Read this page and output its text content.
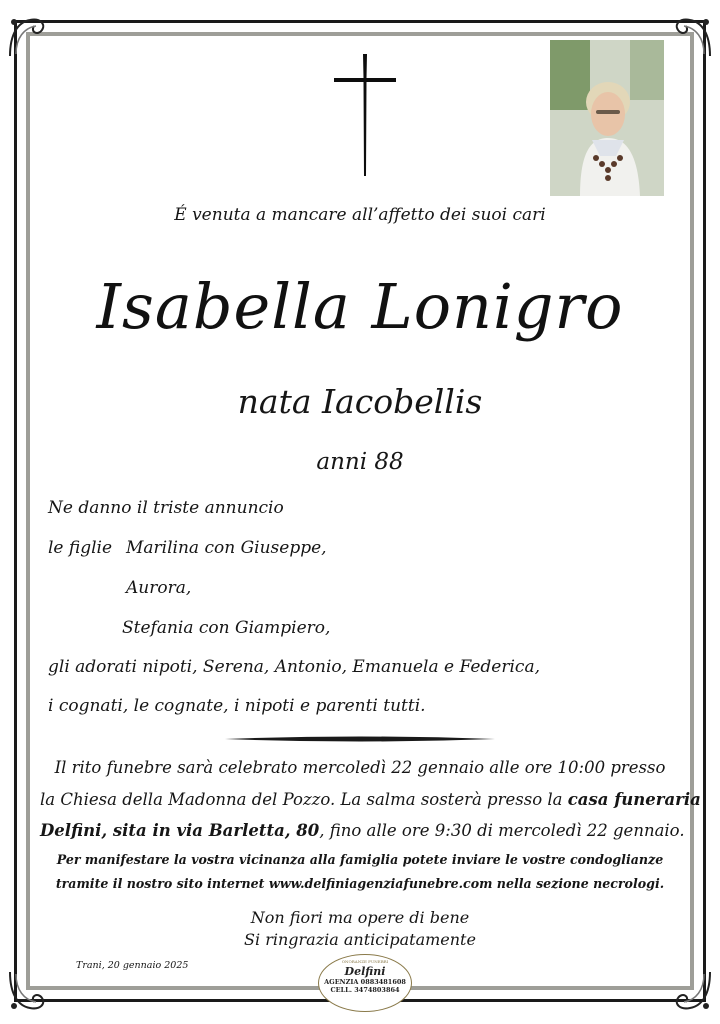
É venuta a mancare all’affetto dei suoi cari
Isabella Lonigro
nata Iacobellis
anni 88
Ne danno il triste annuncio
le figlie Marilina con Giuseppe,
Aurora,
Stefania con Giampiero,
gli adorati nipoti, Serena, Antonio, Emanuela e Federica,
i cognati, le cognate, i nipoti e parenti tutti.
Il rito funebre sarà celebrato mercoledì 22 gennaio alle ore 10:00 presso
la Chiesa della Madonna del Pozzo. La salma sosterà presso la casa funeraria
Delfini, sita in via Barletta, 80, fino alle ore 9:30 di mercoledì 22 gennaio.
Per manifestare la vostra vicinanza alla famiglia potete inviare le vostre condoglianze
tramite il nostro sito internet www.delfiniagenziafunebre.com nella sezione necrologi.
Non fiori ma opere di bene
Si ringrazia anticipatamente
Trani, 20 gennaio 2025	ONORANZE FUNEBRI
Delfini
AGENZIA 0883481608
CELL. 3474803864
